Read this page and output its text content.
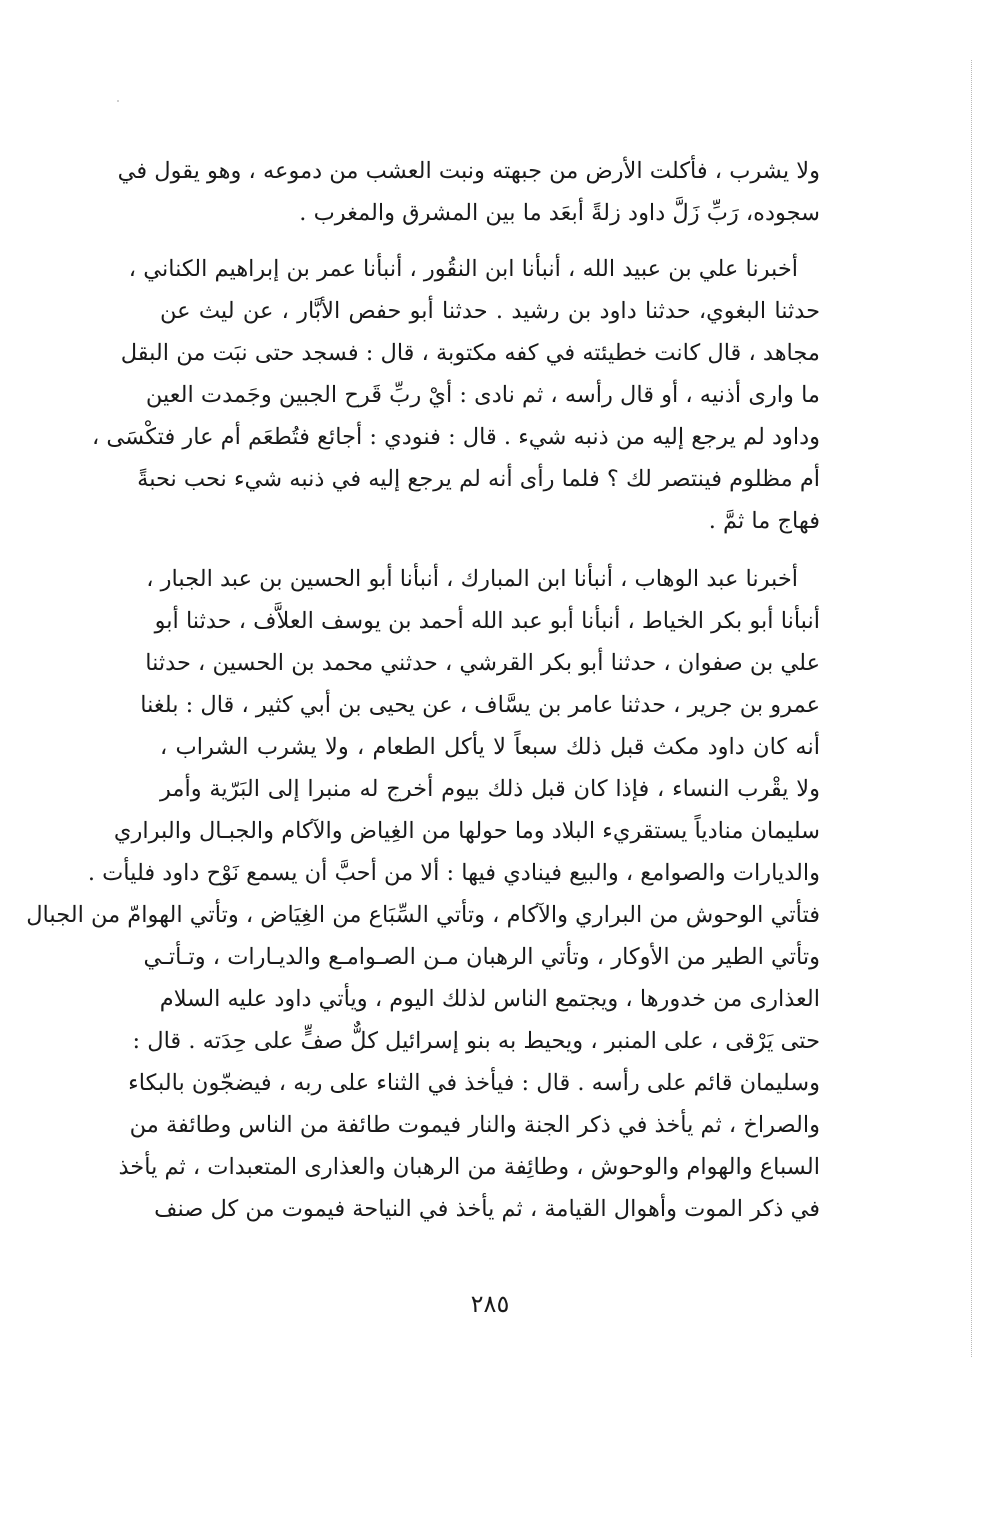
ولا يشرب ، فأكلت الأرض من جبهته ونبت العشب من دموعه ، وهو يقول في
سجوده، رَبِّ زَلَّ داود زلةً أبعَد ما بين المشرق والمغرب .
أخبرنا علي بن عبيد الله ، أنبأنا ابن النقُور ، أنبأنا عمر بن إبراهيم الكناني ،
حدثنا البغوي، حدثنا داود بن رشيد . حدثنا أبو حفص الأبَّار ، عن ليث عن
مجاهد ، قال كانت خطيئته في كفه مكتوبة ، قال : فسجد حتى نبَت من البقل
ما وارى أذنيه ، أو قال رأسه ، ثم نادى : أيْ ربِّ قَرح الجبين وجَمدت العين
وداود لم يرجع إليه من ذنبه شيء . قال : فنودي : أجائع فتُطعَم أم عار فتكْسَى ،
أم مظلوم فينتصر لك ؟ فلما رأى أنه لم يرجع إليه في ذنبه شيء نحب نحبةً
فهاج ما ثمَّ .
أخبرنا عبد الوهاب ، أنبأنا ابن المبارك ، أنبأنا أبو الحسين بن عبد الجبار ،
أنبأنا أبو بكر الخياط ، أنبأنا أبو عبد الله أحمد بن يوسف العلاَّف ، حدثنا أبو
علي بن صفوان ، حدثنا أبو بكر القرشي ، حدثني محمد بن الحسين ، حدثنا
عمرو بن جرير ، حدثنا عامر بن يسَّاف ، عن يحيى بن أبي كثير ، قال : بلغنا
أنه كان داود مكث قبل ذلك سبعاً لا يأكل الطعام ، ولا يشرب الشراب ،
ولا يقْرب النساء ، فإذا كان قبل ذلك بيوم أخرج له منبرا إلى البَرّية وأمر
سليمان منادياً يستقريء البلاد وما حولها من الغِياض والآكام والجبـال والبراري
والديارات والصوامع ، والبيع فينادي فيها : ألا من أحبَّ أن يسمع نَوْح داود فليأت .
فتأتي الوحوش من البراري والآكام ، وتأتي السِّبَاع من الغِيَاض ، وتأتي الهوامّ من الجبال
وتأتي الطير من الأوكار ، وتأتي الرهبان مـن الصـوامـع والديـارات ، وتـأتـي
العذارى من خدورها ، ويجتمع الناس لذلك اليوم ، ويأتي داود عليه السلام
حتى يَرْقى ، على المنبر ، ويحيط به بنو إسرائيل كلٌّ صفٍّ على حِدَته . قال :
وسليمان قائم على رأسه . قال : فيأخذ في الثناء على ربه ، فيضجّون بالبكاء
والصراخ ، ثم يأخذ في ذكر الجنة والنار فيموت طائفة من الناس وطائفة من
السباع والهوام والوحوش ، وطائِفة من الرهبان والعذارى المتعبدات ، ثم يأخذ
في ذكر الموت وأهوال القيامة ، ثم يأخذ في النياحة فيموت من كل صنف
٢٨٥
